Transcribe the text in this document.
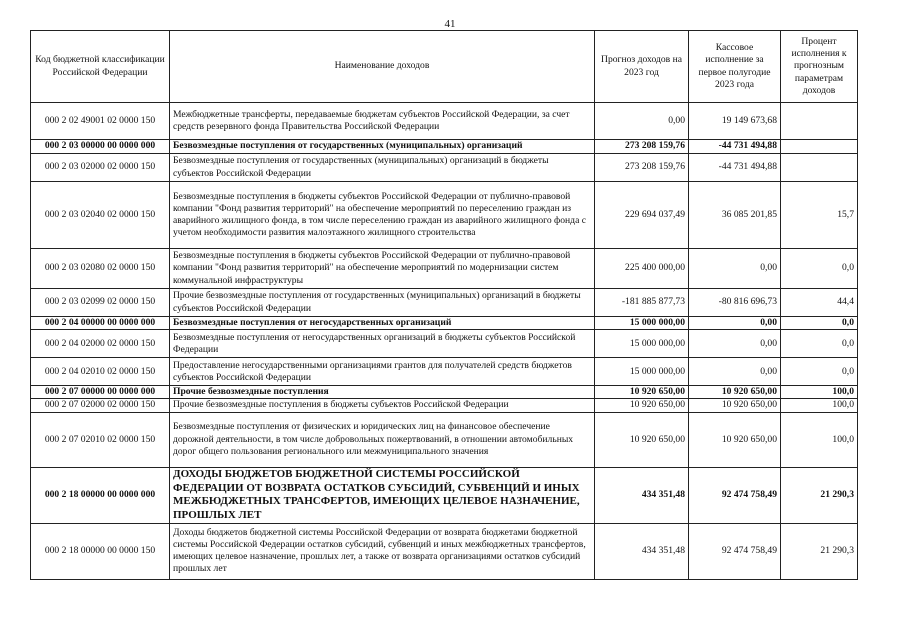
41
Код бюджетной классификации Российской Федерации	Наименование доходов	Прогноз доходов на 2023 год	Кассовое исполнение за первое полугодие 2023 года	Процент исполнения к прогнозным параметрам доходов
000 2 02 49001 02 0000 150	Межбюджетные трансферты, передаваемые бюджетам субъектов Российской Федерации, за счет средств резервного фонда Правительства Российской Федерации	0,00	19 149 673,68	
000 2 03 00000 00 0000 000	Безвозмездные поступления от государственных (муниципальных) организаций	273 208 159,76	-44 731 494,88	
000 2 03 02000 02 0000 150	Безвозмездные поступления от государственных (муниципальных) организаций в бюджеты субъектов Российской Федерации	273 208 159,76	-44 731 494,88	
000 2 03 02040 02 0000 150	Безвозмездные поступления в бюджеты субъектов Российской Федерации от публично-правовой компании "Фонд развития территорий" на обеспечение мероприятий по переселению граждан из аварийного жилищного фонда, в том числе переселению граждан из аварийного жилищного фонда с учетом необходимости развития малоэтажного жилищного строительства	229 694 037,49	36 085 201,85	15,7
000 2 03 02080 02 0000 150	Безвозмездные поступления в бюджеты субъектов Российской Федерации от публично-правовой компании "Фонд развития территорий" на обеспечение мероприятий по модернизации систем коммунальной инфраструктуры	225 400 000,00	0,00	0,0
000 2 03 02099 02 0000 150	Прочие безвозмездные поступления от государственных (муниципальных) организаций в бюджеты субъектов Российской Федерации	-181 885 877,73	-80 816 696,73	44,4
000 2 04 00000 00 0000 000	Безвозмездные поступления от негосударственных организаций	15 000 000,00	0,00	0,0
000 2 04 02000 02 0000 150	Безвозмездные поступления от негосударственных организаций в бюджеты субъектов Российской Федерации	15 000 000,00	0,00	0,0
000 2 04 02010 02 0000 150	Предоставление негосударственными организациями грантов для получателей средств бюджетов субъектов Российской Федерации	15 000 000,00	0,00	0,0
000 2 07 00000 00 0000 000	Прочие безвозмездные поступления	10 920 650,00	10 920 650,00	100,0
000 2 07 02000 02 0000 150	Прочие безвозмездные поступления в бюджеты субъектов Российской Федерации	10 920 650,00	10 920 650,00	100,0
000 2 07 02010 02 0000 150	Безвозмездные поступления от физических и юридических лиц на финансовое обеспечение дорожной деятельности, в том числе добровольных пожертвований, в отношении автомобильных дорог общего пользования регионального или межмуниципального значения	10 920 650,00	10 920 650,00	100,0
000 2 18 00000 00 0000 000	ДОХОДЫ БЮДЖЕТОВ БЮДЖЕТНОЙ СИСТЕМЫ РОССИЙСКОЙ ФЕДЕРАЦИИ ОТ ВОЗВРАТА ОСТАТКОВ СУБСИДИЙ, СУБВЕНЦИЙ И ИНЫХ МЕЖБЮДЖЕТНЫХ ТРАНСФЕРТОВ, ИМЕЮЩИХ ЦЕЛЕВОЕ НАЗНАЧЕНИЕ, ПРОШЛЫХ ЛЕТ	434 351,48	92 474 758,49	21 290,3
000 2 18 00000 00 0000 150	Доходы бюджетов бюджетной системы Российской Федерации от возврата бюджетами бюджетной системы Российской Федерации остатков субсидий, субвенций и иных межбюджетных трансфертов, имеющих целевое назначение, прошлых лет, а также от возврата организациями остатков субсидий прошлых лет	434 351,48	92 474 758,49	21 290,3
